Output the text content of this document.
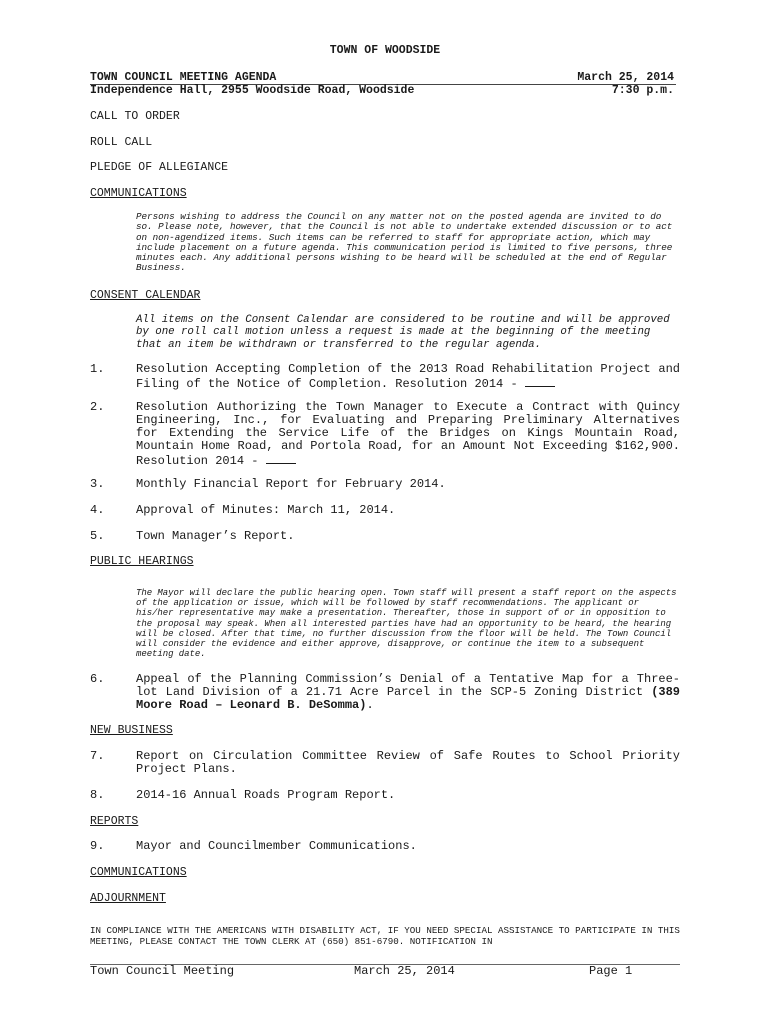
TOWN OF WOODSIDE
TOWN COUNCIL MEETING AGENDA	March 25, 2014
Independence Hall, 2955 Woodside Road, Woodside	7:30 p.m.
CALL TO ORDER
ROLL CALL
PLEDGE OF ALLEGIANCE
COMMUNICATIONS
Persons wishing to address the Council on any matter not on the posted agenda are invited to do so. Please note, however, that the Council is not able to undertake extended discussion or to act on non-agendized items. Such items can be referred to staff for appropriate action, which may include placement on a future agenda. This communication period is limited to five persons, three minutes each. Any additional persons wishing to be heard will be scheduled at the end of Regular Business.
CONSENT CALENDAR
All items on the Consent Calendar are considered to be routine and will be approved by one roll call motion unless a request is made at the beginning of the meeting that an item be withdrawn or transferred to the regular agenda.
1.	Resolution Accepting Completion of the 2013 Road Rehabilitation Project and Filing of the Notice of Completion. Resolution 2014 -
2.	Resolution Authorizing the Town Manager to Execute a Contract with Quincy Engineering, Inc., for Evaluating and Preparing Preliminary Alternatives for Extending the Service Life of the Bridges on Kings Mountain Road, Mountain Home Road, and Portola Road, for an Amount Not Exceeding $162,900. Resolution 2014 -
3.	Monthly Financial Report for February 2014.
4.	Approval of Minutes: March 11, 2014.
5.	Town Manager’s Report.
PUBLIC HEARINGS
The Mayor will declare the public hearing open. Town staff will present a staff report on the aspects of the application or issue, which will be followed by staff recommendations. The applicant or his/her representative may make a presentation. Thereafter, those in support of or in opposition to the proposal may speak. When all interested parties have had an opportunity to be heard, the hearing will be closed. After that time, no further discussion from the floor will be held. The Town Council will consider the evidence and either approve, disapprove, or continue the item to a subsequent meeting date.
6.	Appeal of the Planning Commission’s Denial of a Tentative Map for a Three-lot Land Division of a 21.71 Acre Parcel in the SCP-5 Zoning District (389 Moore Road – Leonard B. DeSomma).
NEW BUSINESS
7.	Report on Circulation Committee Review of Safe Routes to School Priority Project Plans.
8.	2014-16 Annual Roads Program Report.
REPORTS
9.	Mayor and Councilmember Communications.
COMMUNICATIONS
ADJOURNMENT
IN COMPLIANCE WITH THE AMERICANS WITH DISABILITY ACT, IF YOU NEED SPECIAL ASSISTANCE TO PARTICIPATE IN THIS MEETING, PLEASE CONTACT THE TOWN CLERK AT (650) 851-6790. NOTIFICATION IN
Town Council Meeting	March 25, 2014	Page 1
